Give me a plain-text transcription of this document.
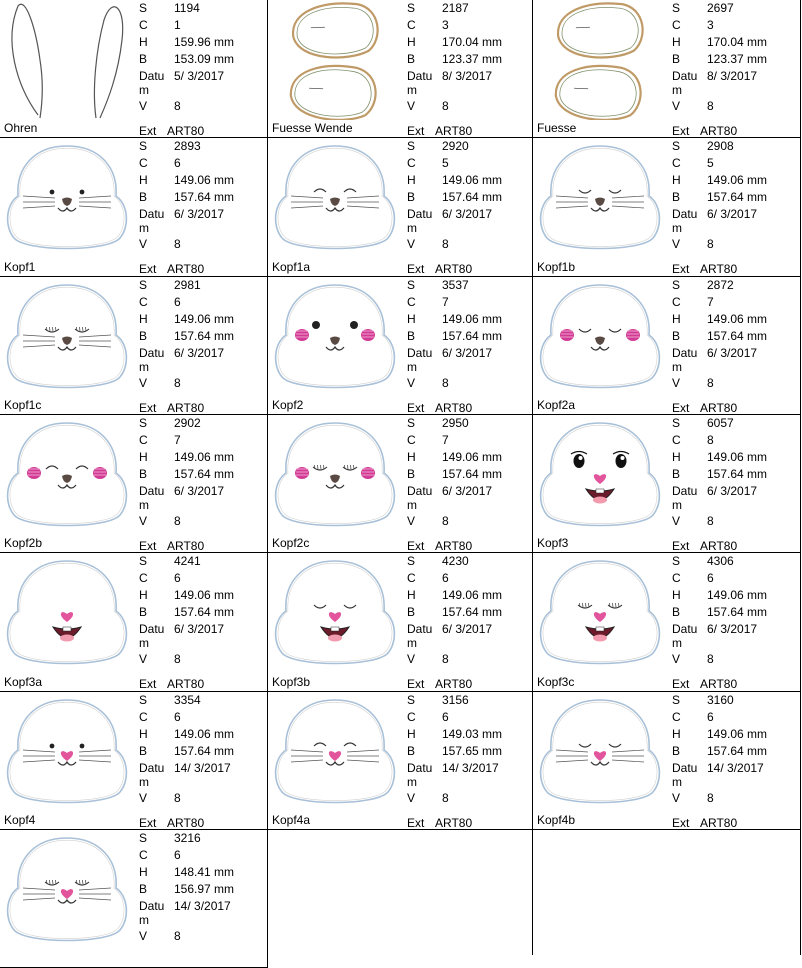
Ohren
S 1194
C 1
H 159.96 mm
B 153.09 mm
Datu
m
5/ 3/2017
V 8
Ext ART80	Fuesse Wende
S 2187
C 3
H 170.04 mm
B 123.37 mm
Datu
m
8/ 3/2017
V 8
Ext ART80	Fuesse
S 2697
C 3
H 170.04 mm
B 123.37 mm
Datu
m
8/ 3/2017
V 8
Ext ART80
Kopf1
S 2893
C 6
H 149.06 mm
B 157.64 mm
Datu
m
6/ 3/2017
V 8
Ext ART80	Kopf1a
S 2920
C 5
H 149.06 mm
B 157.64 mm
Datu
m
6/ 3/2017
V 8
Ext ART80	Kopf1b
S 2908
C 5
H 149.06 mm
B 157.64 mm
Datu
m
6/ 3/2017
V 8
Ext ART80
Kopf1c
S 2981
C 6
H 149.06 mm
B 157.64 mm
Datu
m
6/ 3/2017
V 8
Ext ART80	Kopf2
S 3537
C 7
H 149.06 mm
B 157.64 mm
Datu
m
6/ 3/2017
V 8
Ext ART80	Kopf2a
S 2872
C 7
H 149.06 mm
B 157.64 mm
Datu
m
6/ 3/2017
V 8
Ext ART80
Kopf2b
S 2902
C 7
H 149.06 mm
B 157.64 mm
Datu
m
6/ 3/2017
V 8
Ext ART80	Kopf2c
S 2950
C 7
H 149.06 mm
B 157.64 mm
Datu
m
6/ 3/2017
V 8
Ext ART80	Kopf3
S 6057
C 8
H 149.06 mm
B 157.64 mm
Datu
m
6/ 3/2017
V 8
Ext ART80
Kopf3a
S 4241
C 6
H 149.06 mm
B 157.64 mm
Datu
m
6/ 3/2017
V 8
Ext ART80	Kopf3b
S 4230
C 6
H 149.06 mm
B 157.64 mm
Datu
m
6/ 3/2017
V 8
Ext ART80	Kopf3c
S 4306
C 6
H 149.06 mm
B 157.64 mm
Datu
m
6/ 3/2017
V 8
Ext ART80
Kopf4
S 3354
C 6
H 149.06 mm
B 157.64 mm
Datu
m
14/ 3/2017
V 8
Ext ART80	Kopf4a
S 3156
C 6
H 149.03 mm
B 157.65 mm
Datu
m
14/ 3/2017
V 8
Ext ART80	Kopf4b
S 3160
C 6
H 149.06 mm
B 157.64 mm
Datu
m
14/ 3/2017
V 8
Ext ART80
S 3216
C 6
H 148.41 mm
B 156.97 mm
Datu
m
14/ 3/2017
V 8
